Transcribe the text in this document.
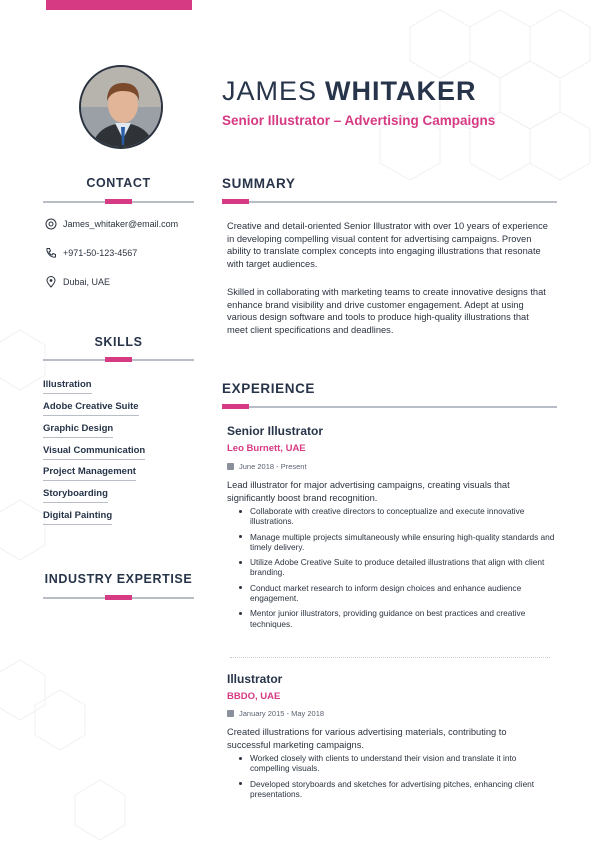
JAMES WHITAKER
Senior Illustrator – Advertising Campaigns
CONTACT
James_whitaker@email.com
+971-50-123-4567
Dubai, UAE
SKILLS
Illustration
Adobe Creative Suite
Graphic Design
Visual Communication
Project Management
Storyboarding
Digital Painting
INDUSTRY EXPERTISE
SUMMARY
Creative and detail-oriented Senior Illustrator with over 10 years of experience in developing compelling visual content for advertising campaigns. Proven ability to translate complex concepts into engaging illustrations that resonate with target audiences.
Skilled in collaborating with marketing teams to create innovative designs that enhance brand visibility and drive customer engagement. Adept at using various design software and tools to produce high-quality illustrations that meet client specifications and deadlines.
EXPERIENCE
Senior Illustrator
Leo Burnett, UAE
June 2018 - Present
Lead illustrator for major advertising campaigns, creating visuals that significantly boost brand recognition.
Collaborate with creative directors to conceptualize and execute innovative illustrations.
Manage multiple projects simultaneously while ensuring high-quality standards and timely delivery.
Utilize Adobe Creative Suite to produce detailed illustrations that align with client branding.
Conduct market research to inform design choices and enhance audience engagement.
Mentor junior illustrators, providing guidance on best practices and creative techniques.
Illustrator
BBDO, UAE
January 2015 - May 2018
Created illustrations for various advertising materials, contributing to successful marketing campaigns.
Worked closely with clients to understand their vision and translate it into compelling visuals.
Developed storyboards and sketches for advertising pitches, enhancing client presentations.
